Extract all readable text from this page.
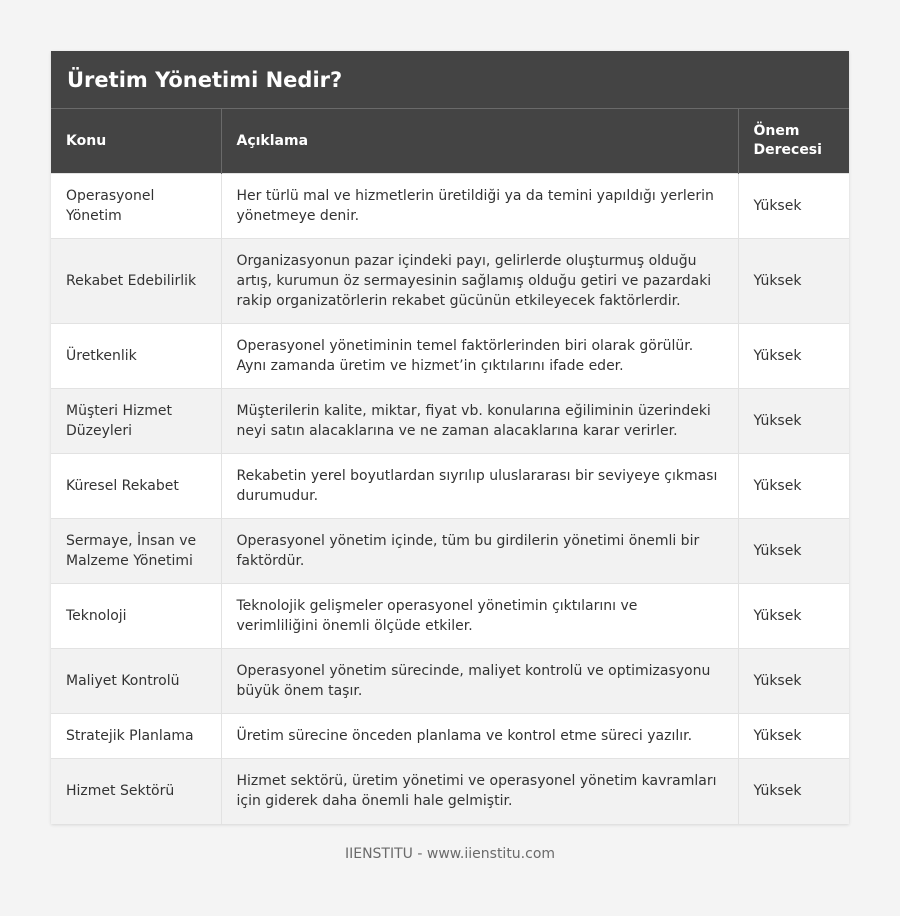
Üretim Yönetimi Nedir?
Konu	Açıklama	Önem Derecesi
Operasyonel Yönetim	Her türlü mal ve hizmetlerin üretildiği ya da temini yapıldığı yerlerin yönetmeye denir.	Yüksek
Rekabet Edebilirlik	Organizasyonun pazar içindeki payı, gelirlerde oluşturmuş olduğu artış, kurumun öz sermayesinin sağlamış olduğu getiri ve pazardaki rakip organizatörlerin rekabet gücünün etkileyecek faktörlerdir.	Yüksek
Üretkenlik	Operasyonel yönetiminin temel faktörlerinden biri olarak görülür. Aynı zamanda üretim ve hizmet’in çıktılarını ifade eder.	Yüksek
Müşteri Hizmet Düzeyleri	Müşterilerin kalite, miktar, fiyat vb. konularına eğiliminin üzerindeki neyi satın alacaklarına ve ne zaman alacaklarına karar verirler.	Yüksek
Küresel Rekabet	Rekabetin yerel boyutlardan sıyrılıp uluslararası bir seviyeye çıkması durumudur.	Yüksek
Sermaye, İnsan ve Malzeme Yönetimi	Operasyonel yönetim içinde, tüm bu girdilerin yönetimi önemli bir faktördür.	Yüksek
Teknoloji	Teknolojik gelişmeler operasyonel yönetimin çıktılarını ve verimliliğini önemli ölçüde etkiler.	Yüksek
Maliyet Kontrolü	Operasyonel yönetim sürecinde, maliyet kontrolü ve optimizasyonu büyük önem taşır.	Yüksek
Stratejik Planlama	Üretim sürecine önceden planlama ve kontrol etme süreci yazılır.	Yüksek
Hizmet Sektörü	Hizmet sektörü, üretim yönetimi ve operasyonel yönetim kavramları için giderek daha önemli hale gelmiştir.	Yüksek
IIENSTITU - www.iienstitu.com
